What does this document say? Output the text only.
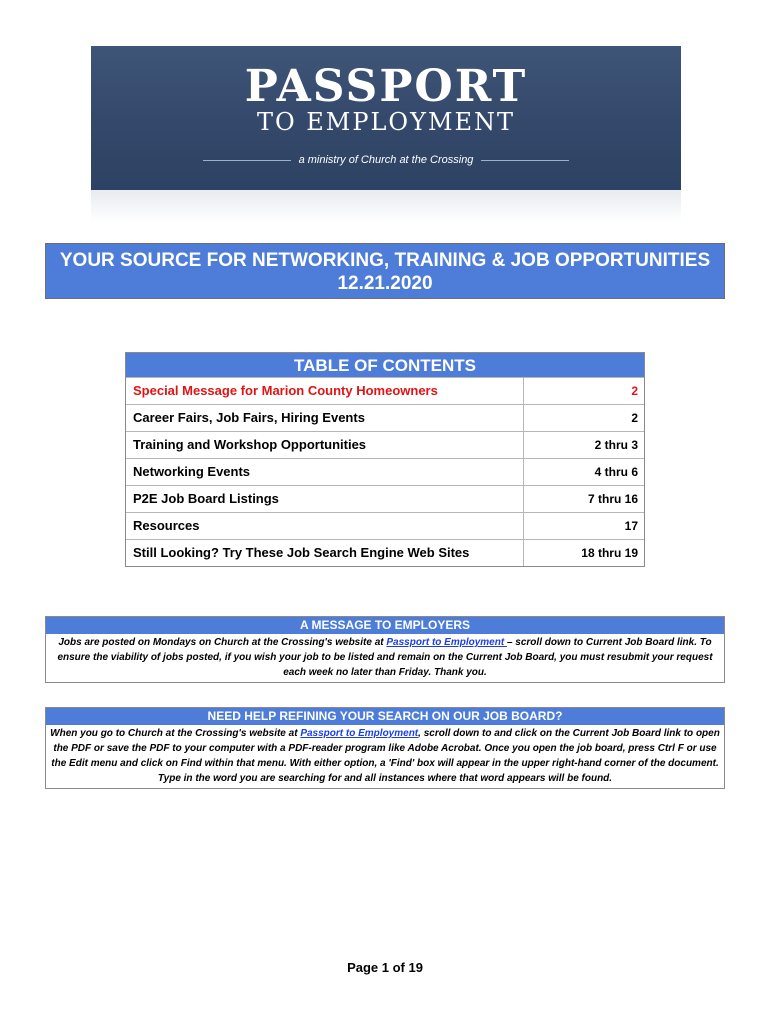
PASSPORT
TO EMPLOYMENT
a ministry of Church at the Crossing
YOUR SOURCE FOR NETWORKING, TRAINING & JOB OPPORTUNITIES
12.21.2020
TABLE OF CONTENTS
Special Message for Marion County Homeowners	2
Career Fairs, Job Fairs, Hiring Events	2
Training and Workshop Opportunities	2 thru 3
Networking Events	4 thru 6
P2E Job Board Listings	7 thru 16
Resources	17
Still Looking? Try These Job Search Engine Web Sites	18 thru 19
A MESSAGE TO EMPLOYERS
Jobs are posted on Mondays on Church at the Crossing's website at Passport to Employment – scroll down to Current Job Board link. To ensure the viability of jobs posted, if you wish your job to be listed and remain on the Current Job Board, you must resubmit your request each week no later than Friday. Thank you.
NEED HELP REFINING YOUR SEARCH ON OUR JOB BOARD?
When you go to Church at the Crossing's website at Passport to Employment, scroll down to and click on the Current Job Board link to open the PDF or save the PDF to your computer with a PDF-reader program like Adobe Acrobat. Once you open the job board, press Ctrl F or use the Edit menu and click on Find within that menu. With either option, a 'Find' box will appear in the upper right-hand corner of the document. Type in the word you are searching for and all instances where that word appears will be found.
Page 1 of 19
